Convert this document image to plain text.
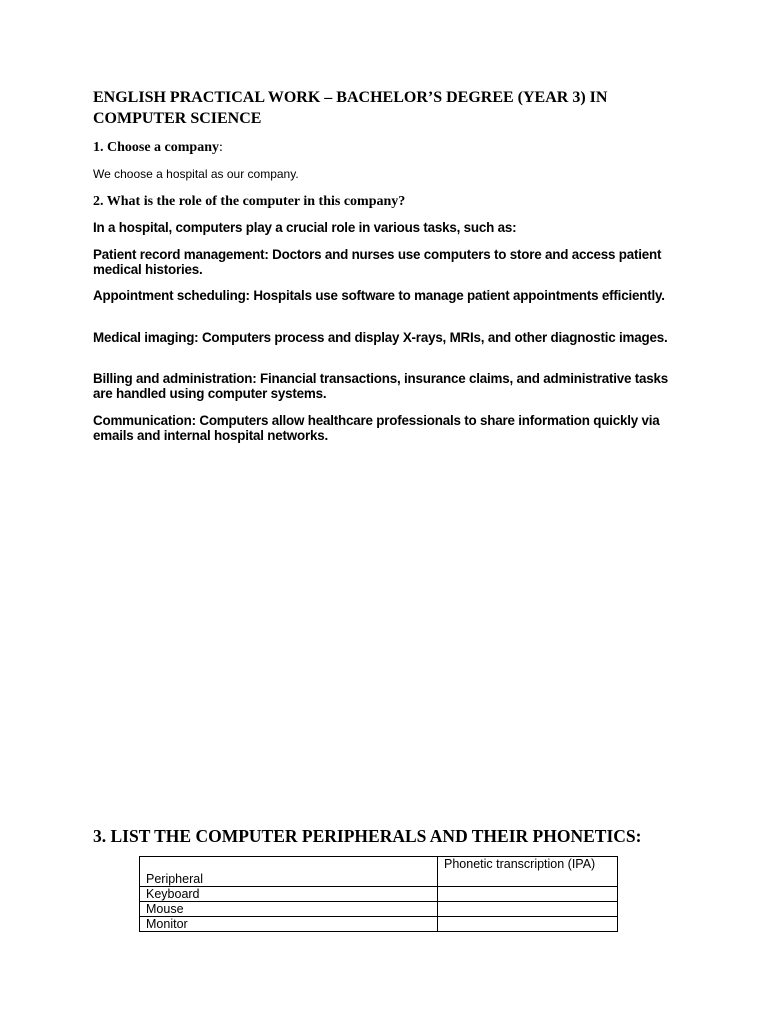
ENGLISH PRACTICAL WORK – BACHELOR’S DEGREE (YEAR 3) IN COMPUTER SCIENCE
1. Choose a company:
We choose a hospital as our company.
2. What is the role of the computer in this company?
In a hospital, computers play a crucial role in various tasks, such as:
Patient record management: Doctors and nurses use computers to store and access patient medical histories.
Appointment scheduling: Hospitals use software to manage patient appointments efficiently.
Medical imaging: Computers process and display X-rays, MRIs, and other diagnostic images.
Billing and administration: Financial transactions, insurance claims, and administrative tasks are handled using computer systems.
Communication: Computers allow healthcare professionals to share information quickly via emails and internal hospital networks.
3. LIST THE COMPUTER PERIPHERALS AND THEIR PHONETICS:
Peripheral	Phonetic transcription (IPA)
Keyboard	
Mouse	
Monitor	
